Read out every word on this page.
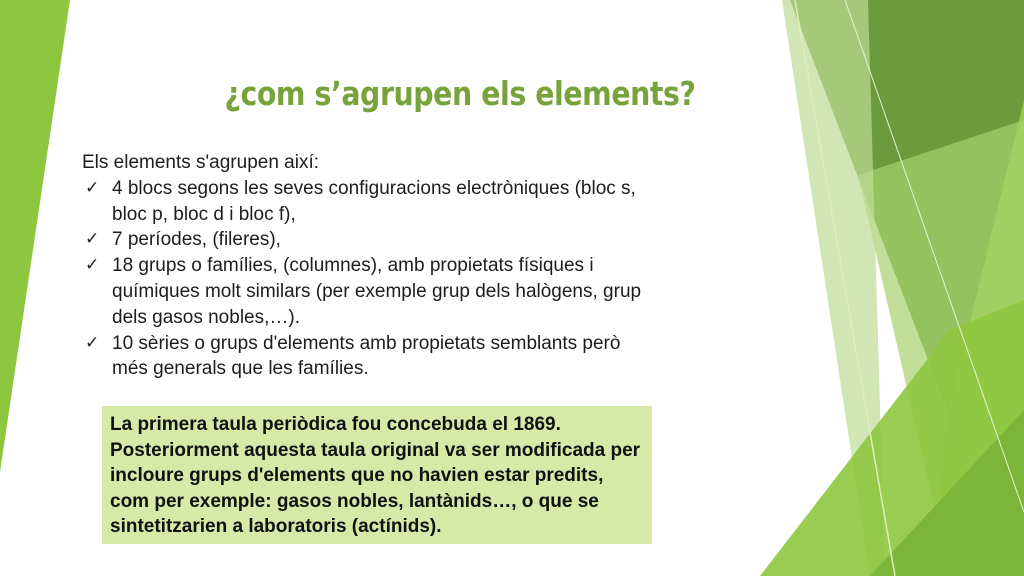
¿com s’agrupen els elements?

Els elements s'agrupen així:

✓ 4 blocs segons les seves configuracions electròniques (bloc s, bloc p, bloc d i bloc f),
✓ 7 períodes, (fileres),
✓ 18 grups o famílies, (columnes), amb propietats físiques i químiques molt similars (per exemple grup dels halògens, grup dels gasos nobles,…).
✓ 10 sèries o grups d'elements amb propietats semblants però més generals que les famílies.
La primera taula periòdica fou concebuda el 1869. Posteriorment aquesta taula original va ser modificada per incloure grups d'elements que no havien estar predits, com per exemple: gasos nobles, lantànids…, o que se sintetitzarien a laboratoris (actínids).
